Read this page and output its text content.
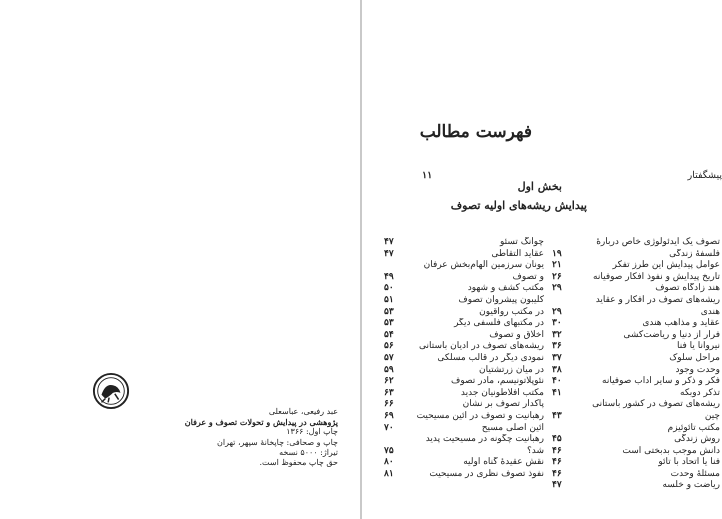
عبد رفیعی، عباسعلی
پژوهشی در پیدایش و تحولات تصوف و عرفان
چاپ اول: ۱۳۶۶
چاپ و صحافی: چاپخانهٔ سپهر، تهران
تیراژ: ۵۰۰۰ نسخه
حق چاپ محفوظ است.
فهرست مطالب
پیشگفتار
۱۱
بخش اول
پیدایش ریشه‌های اولیه تصوف
تصوف یک ایدئولوژی خاص دربارهٔ
فلسفهٔ زندگی
۱۹
عوامل پیدایش این طرز تفکر
۲۱
تاریخ پیدایش و نفوذ افکار صوفیانه
۲۶
هند زادگاه تصوف
۲۹
ریشه‌های تصوف در افکار و عقاید
هندی
۲۹
عقاید و مذاهب هندی
۳۰
فرار از دنیا و ریاضت‌کشی
۳۲
نیروانا یا فنا
۳۶
مراحل سلوک
۳۷
وحدت وجود
۳۸
فکر و ذکر و سایر آداب صوفیانه
۴۰
تذکر دوبکه
۴۱
ریشه‌های تصوف در کشور باستانی
چین
۴۳
مکتب تائوئیزم
روش زندگی
۴۵
دانش موجب بدبختی است
۴۶
فنا یا اتحاد با تائو
۴۶
مسئلهٔ وحدت
۴۶
ریاضت و خلسه
۴۷
چوانگ تسئو
۴۷
عقاید التقاطی
۴۷
یونان سرزمین الهام‌بخش عرفان
و تصوف
۴۹
مکتب کشف و شهود
۵۰
کلیبون پیشروان تصوف
۵۱
در مکتب رواقیون
۵۳
در مکتبهای فلسفی دیگر
۵۳
اخلاق و تصوف
۵۴
ریشه‌های تصوف در ادیان باستانی
۵۶
نمودی دیگر در قالب مسلکی
۵۷
در میان زرتشتیان
۵۹
نئوپلاتونیسم، مادر تصوف
۶۲
مکتب افلاطونیان جدید
۶۳
پاکدار تصوف بر نشان
۶۶
رهبانیت و تصوف در آئین مسیحیت
۶۹
آئین اصلی مسیح
۷۰
رهبانیت چگونه در مسیحیت پدید
شد؟
۷۵
نقش عقیدهٔ گناه اولیه
۸۰
نفوذ تصوف نظری در مسیحیت
۸۱
